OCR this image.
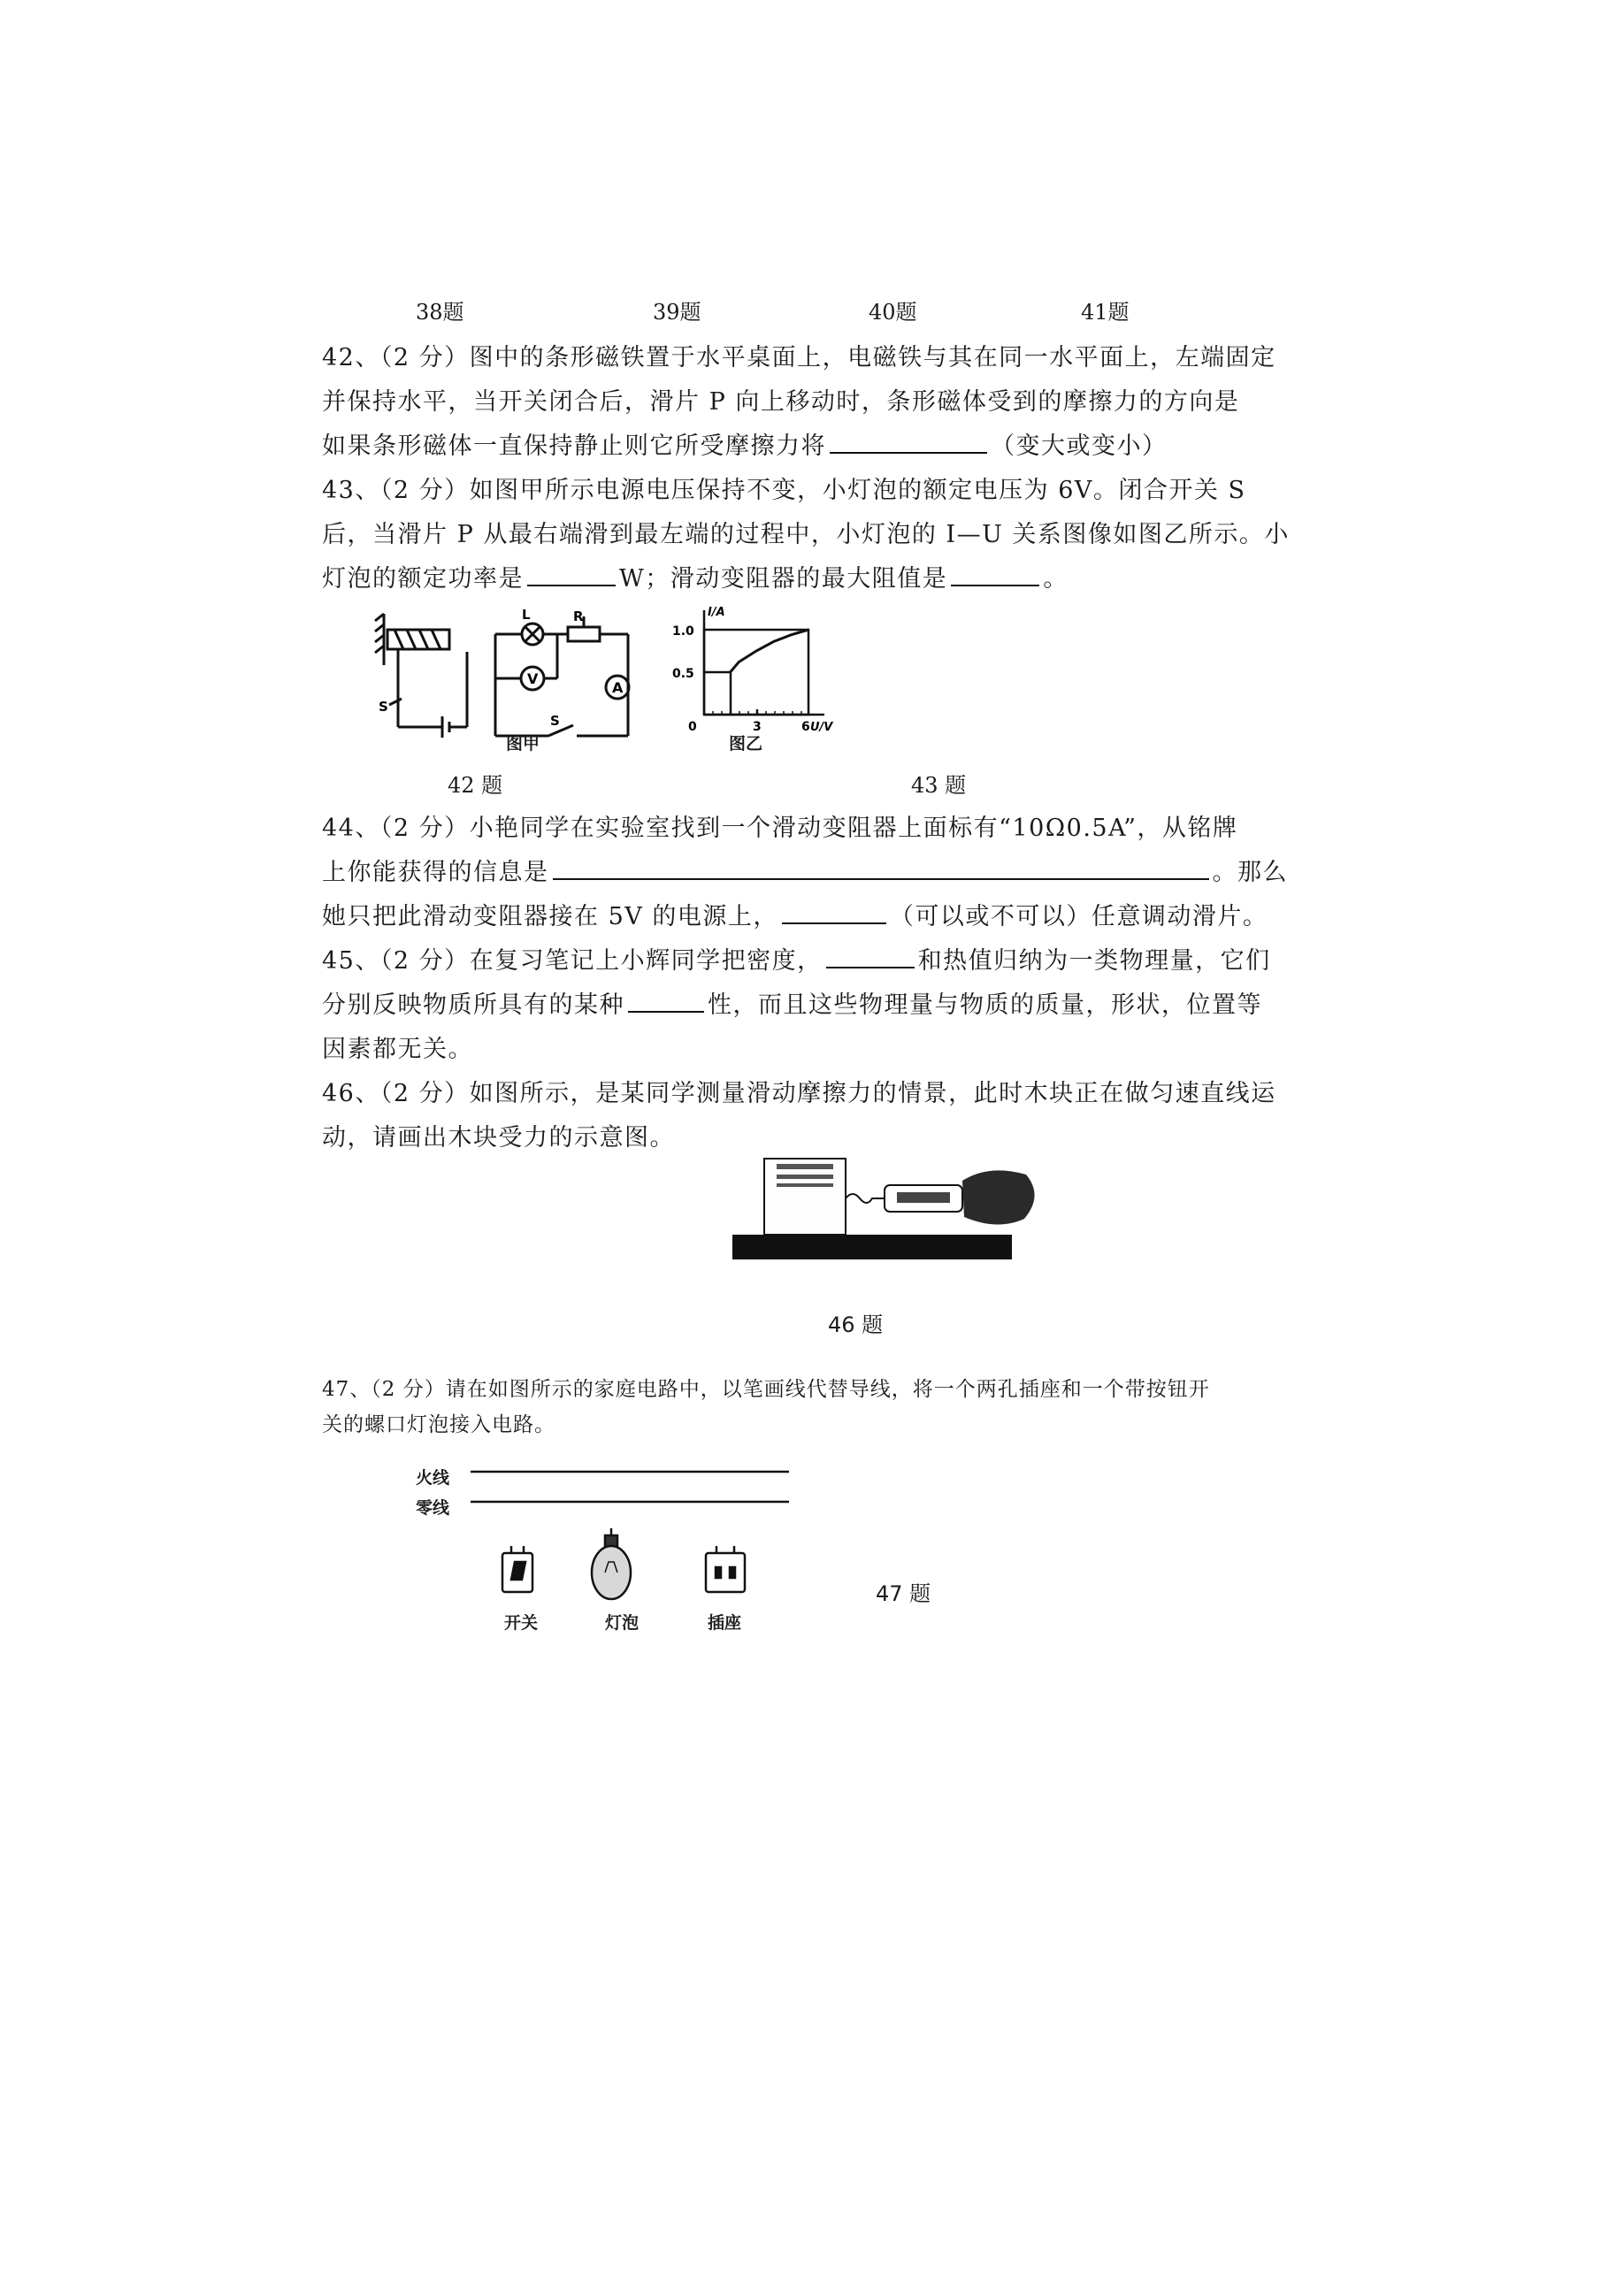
38题	39题	40题	41题
42、（2 分）图中的条形磁铁置于水平桌面上，电磁铁与其在同一水平面上，左端固定
并保持水平，当开关闭合后，滑片 P 向上移动时，条形磁体受到的摩擦力的方向是
如果条形磁体一直保持静止则它所受摩擦力将	（变大或变小）
43、（2 分）如图甲所示电源电压保持不变，小灯泡的额定电压为 6V。闭合开关 S
后，当滑片 P 从最右端滑到最左端的过程中，小灯泡的 I—U 关系图像如图乙所示。小
灯泡的额定功率是	W；滑动变阻器的最大阻值是	。
L	R
V
A
S
S
图甲
I/A
1.0
0.5
0	3	6 U/V
图乙
42 题	43 题
44、（2 分）小艳同学在实验室找到一个滑动变阻器上面标有“10Ω0.5A”，从铭牌
上你能获得的信息是	。那么
她只把此滑动变阻器接在 5V 的电源上，	（可以或不可以）任意调动滑片。
45、（2 分）在复习笔记上小辉同学把密度，	和热值归纳为一类物理量，它们
分别反映物质所具有的某种	性，而且这些物理量与物质的质量，形状，位置等
因素都无关。
46、（2 分）如图所示，是某同学测量滑动摩擦力的情景，此时木块正在做匀速直线运
动，请画出木块受力的示意图。
46 题
47、（2 分）请在如图所示的家庭电路中，以笔画线代替导线，将一个两孔插座和一个带按钮开
关的螺口灯泡接入电路。
火线
零线
开关	灯泡	插座
47 题
